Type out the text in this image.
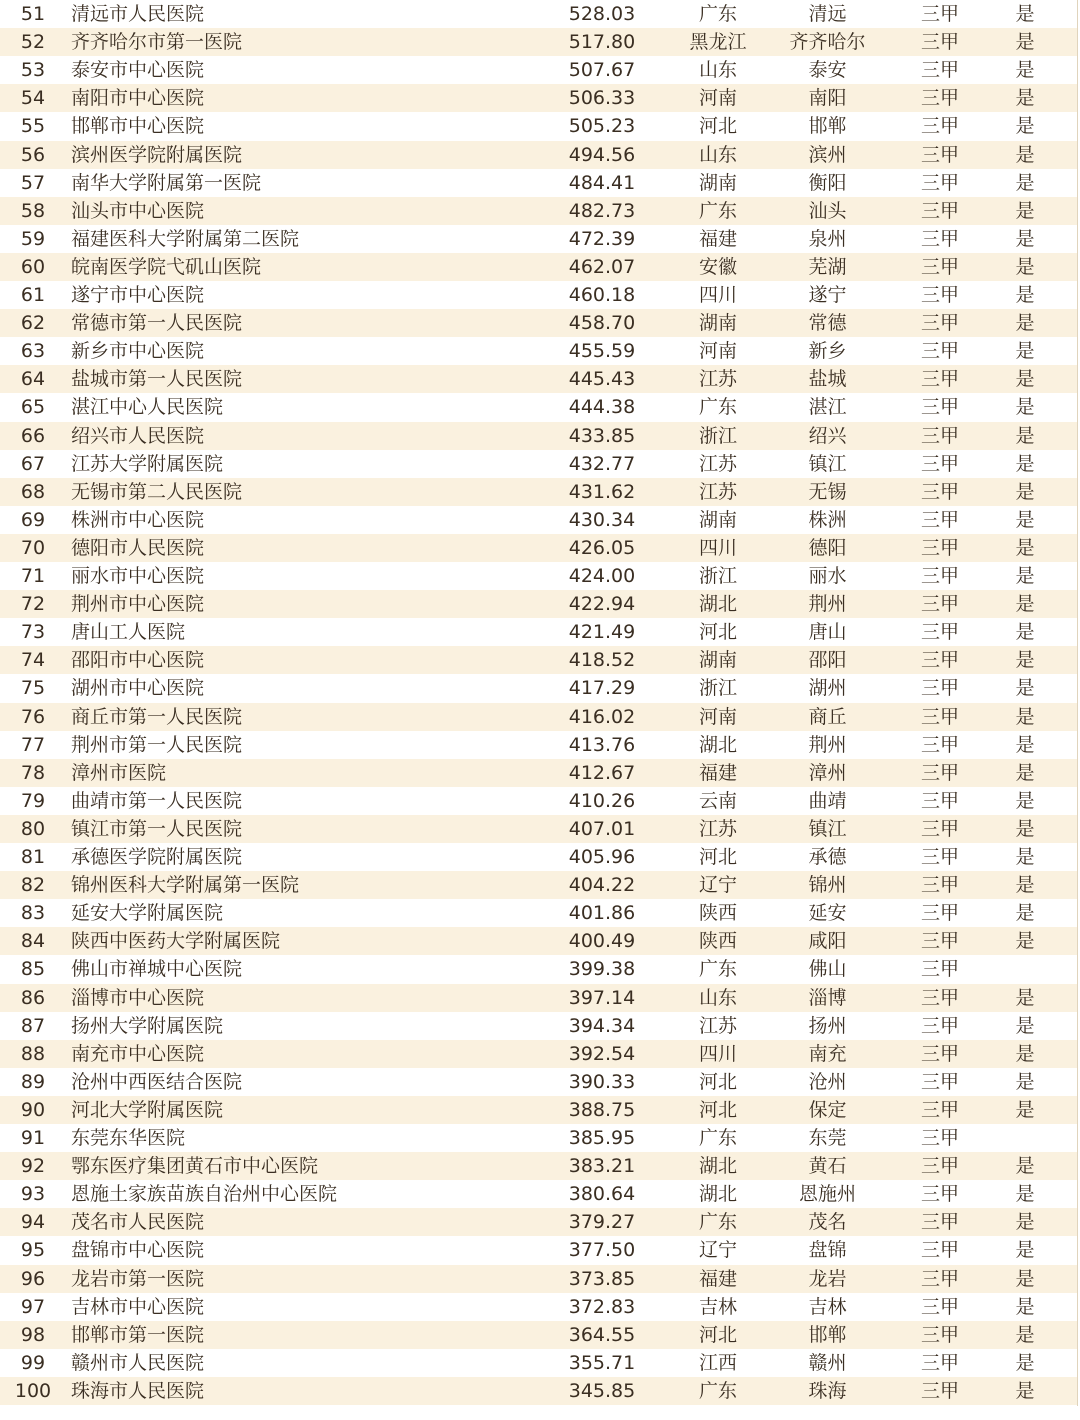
51	清远市人民医院	528.03	广东	清远	三甲	是
52	齐齐哈尔市第一医院	517.80	黑龙江	齐齐哈尔	三甲	是
53	泰安市中心医院	507.67	山东	泰安	三甲	是
54	南阳市中心医院	506.33	河南	南阳	三甲	是
55	邯郸市中心医院	505.23	河北	邯郸	三甲	是
56	滨州医学院附属医院	494.56	山东	滨州	三甲	是
57	南华大学附属第一医院	484.41	湖南	衡阳	三甲	是
58	汕头市中心医院	482.73	广东	汕头	三甲	是
59	福建医科大学附属第二医院	472.39	福建	泉州	三甲	是
60	皖南医学院弋矶山医院	462.07	安徽	芜湖	三甲	是
61	遂宁市中心医院	460.18	四川	遂宁	三甲	是
62	常德市第一人民医院	458.70	湖南	常德	三甲	是
63	新乡市中心医院	455.59	河南	新乡	三甲	是
64	盐城市第一人民医院	445.43	江苏	盐城	三甲	是
65	湛江中心人民医院	444.38	广东	湛江	三甲	是
66	绍兴市人民医院	433.85	浙江	绍兴	三甲	是
67	江苏大学附属医院	432.77	江苏	镇江	三甲	是
68	无锡市第二人民医院	431.62	江苏	无锡	三甲	是
69	株洲市中心医院	430.34	湖南	株洲	三甲	是
70	德阳市人民医院	426.05	四川	德阳	三甲	是
71	丽水市中心医院	424.00	浙江	丽水	三甲	是
72	荆州市中心医院	422.94	湖北	荆州	三甲	是
73	唐山工人医院	421.49	河北	唐山	三甲	是
74	邵阳市中心医院	418.52	湖南	邵阳	三甲	是
75	湖州市中心医院	417.29	浙江	湖州	三甲	是
76	商丘市第一人民医院	416.02	河南	商丘	三甲	是
77	荆州市第一人民医院	413.76	湖北	荆州	三甲	是
78	漳州市医院	412.67	福建	漳州	三甲	是
79	曲靖市第一人民医院	410.26	云南	曲靖	三甲	是
80	镇江市第一人民医院	407.01	江苏	镇江	三甲	是
81	承德医学院附属医院	405.96	河北	承德	三甲	是
82	锦州医科大学附属第一医院	404.22	辽宁	锦州	三甲	是
83	延安大学附属医院	401.86	陕西	延安	三甲	是
84	陕西中医药大学附属医院	400.49	陕西	咸阳	三甲	是
85	佛山市禅城中心医院	399.38	广东	佛山	三甲
86	淄博市中心医院	397.14	山东	淄博	三甲	是
87	扬州大学附属医院	394.34	江苏	扬州	三甲	是
88	南充市中心医院	392.54	四川	南充	三甲	是
89	沧州中西医结合医院	390.33	河北	沧州	三甲	是
90	河北大学附属医院	388.75	河北	保定	三甲	是
91	东莞东华医院	385.95	广东	东莞	三甲
92	鄂东医疗集团黄石市中心医院	383.21	湖北	黄石	三甲	是
93	恩施土家族苗族自治州中心医院	380.64	湖北	恩施州	三甲	是
94	茂名市人民医院	379.27	广东	茂名	三甲	是
95	盘锦市中心医院	377.50	辽宁	盘锦	三甲	是
96	龙岩市第一医院	373.85	福建	龙岩	三甲	是
97	吉林市中心医院	372.83	吉林	吉林	三甲	是
98	邯郸市第一医院	364.55	河北	邯郸	三甲	是
99	赣州市人民医院	355.71	江西	赣州	三甲	是
100	珠海市人民医院	345.85	广东	珠海	三甲	是
